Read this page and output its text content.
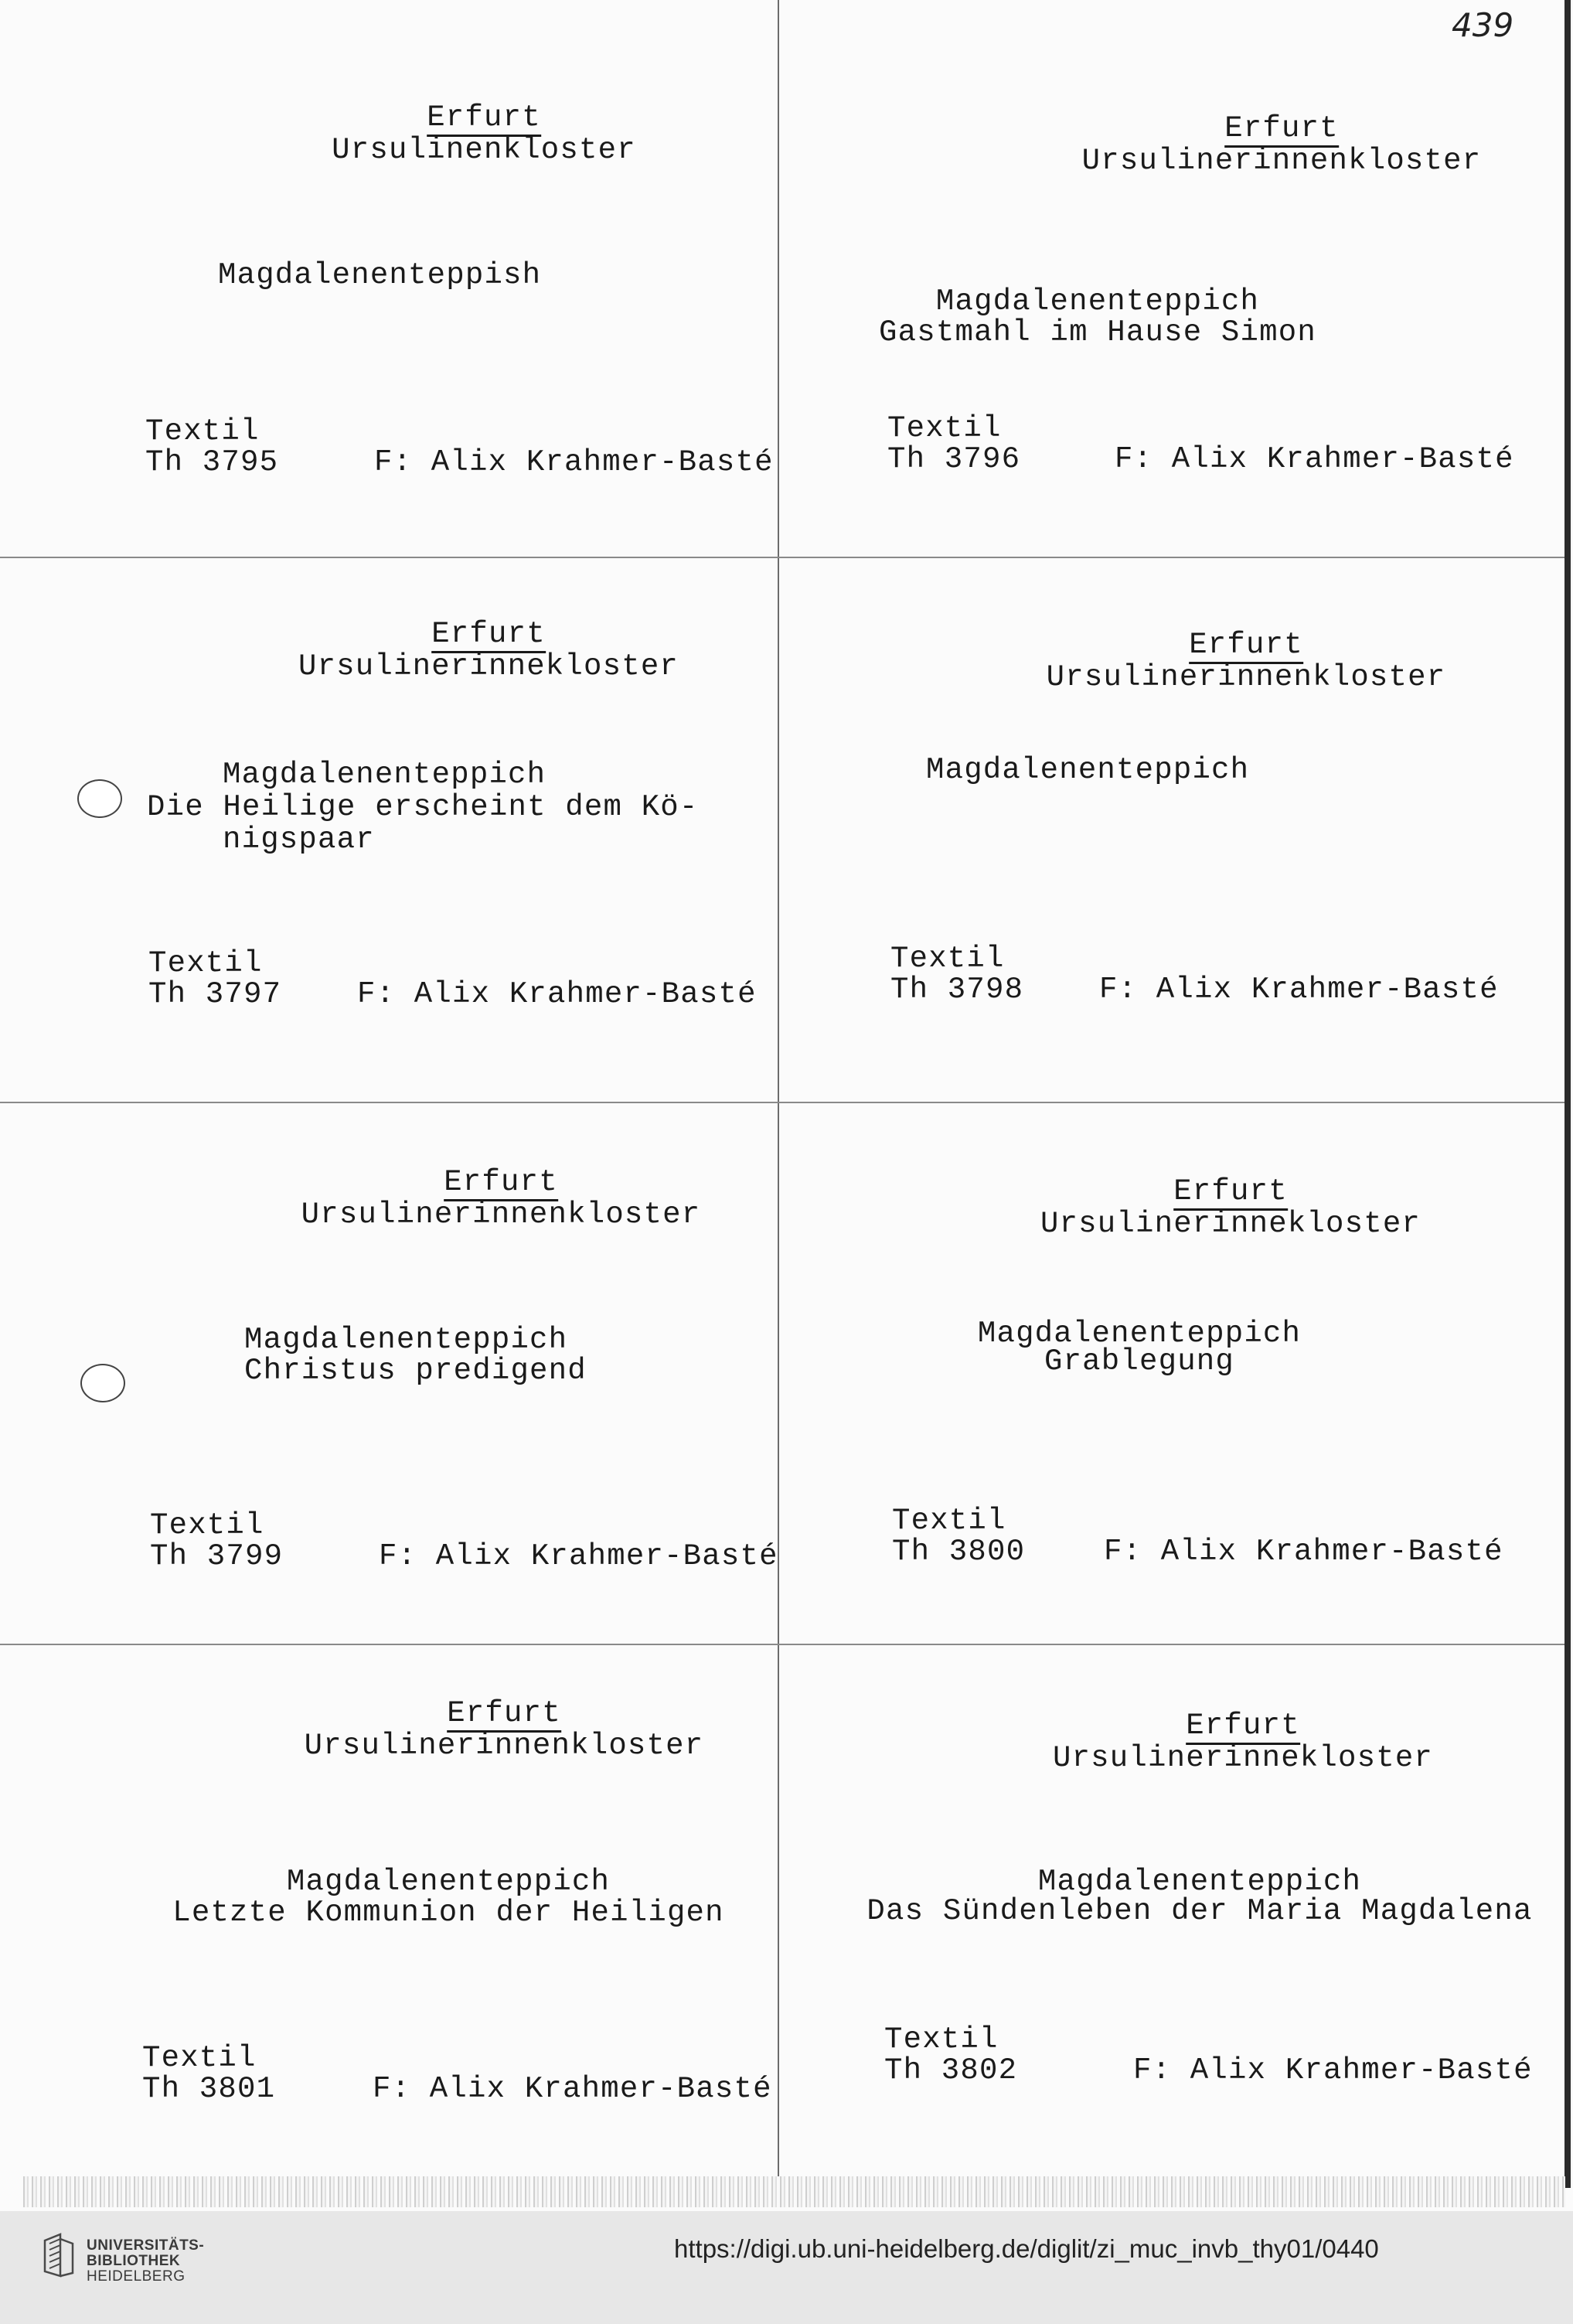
439
Erfurt
Ursulinenkloster
Magdalenenteppish
Textil
Th 3795	F: Alix Krahmer-Basté
Erfurt
Ursulinerinnenkloster
Magdalenenteppich
Gastmahl im Hause Simon
Textil
Th 3796	F: Alix Krahmer-Basté
Erfurt
Ursulinerinnekloster
Magdalenenteppich
Die Heilige erscheint dem Kö-
nigspaar
Textil
Th 3797	F: Alix Krahmer-Basté
Erfurt
Ursulinerinnenkloster
Magdalenenteppich
Textil
Th 3798	F: Alix Krahmer-Basté
Erfurt
Ursulinerinnenkloster
Magdalenenteppich
Christus predigend
Textil
Th 3799	F: Alix Krahmer-Basté
Erfurt
Ursulinerinnekloster
Magdalenenteppich
Grablegung
Textil
Th 3800	F: Alix Krahmer-Basté
Erfurt
Ursulinerinnenkloster
Magdalenenteppich
Letzte Kommunion der Heiligen
Textil
Th 3801	F: Alix Krahmer-Basté
Erfurt
Ursulinerinnekloster
Magdalenenteppich
Das Sündenleben der Maria Magdalena
Textil
Th 3802	F: Alix Krahmer-Basté
UNIVERSITÄTS-
BIBLIOTHEK
HEIDELBERG
https://digi.ub.uni-heidelberg.de/diglit/zi_muc_invb_thy01/0440
